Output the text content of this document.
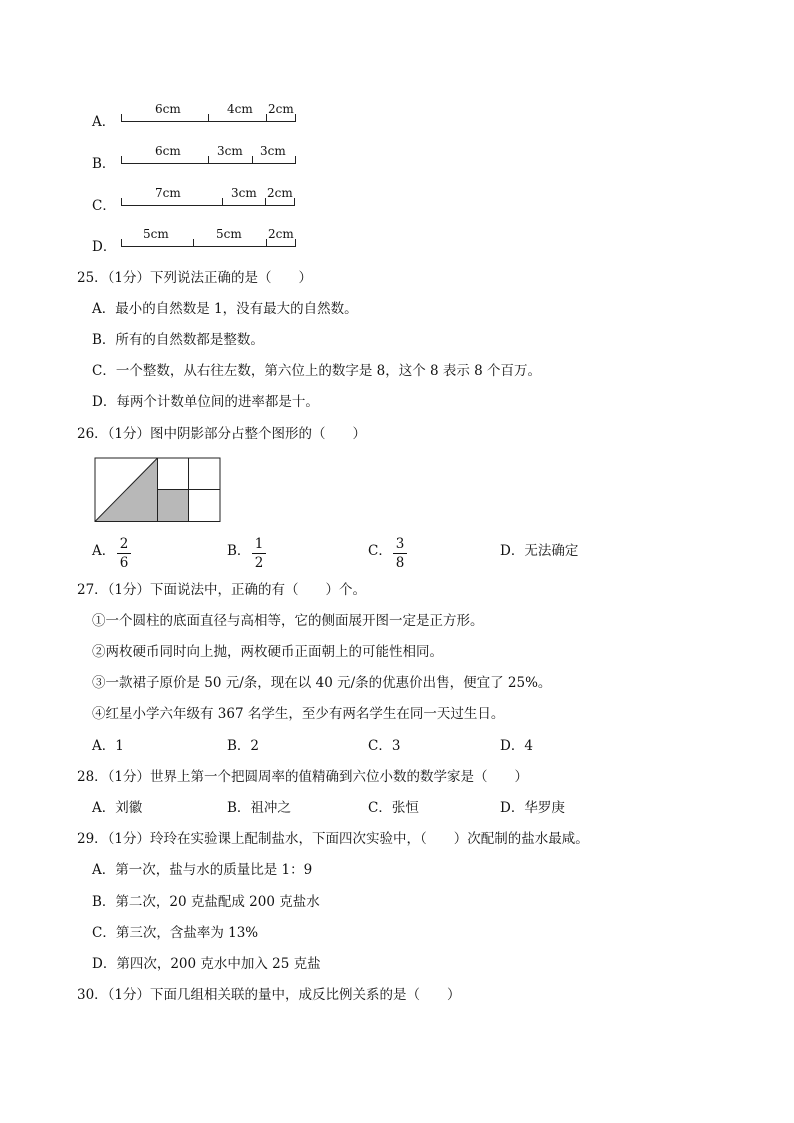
A．
6cm	4cm 2cm
B．
6cm	3cm 3cm
C．
7cm	3cm 2cm
D．
5cm	5cm 2cm
25．（1分）下列说法正确的是（　　）
A．最小的自然数是 1，没有最大的自然数。
B．所有的自然数都是整数。
C．一个整数，从右往左数，第六位上的数字是 8，这个 8 表示 8 个百万。
D．每两个计数单位间的进率都是十。
26．（1分）图中阴影部分占整个图形的（　　）
A． 2
6
B． 1
2
C． 3
8
D．无法确定
27．（1分）下面说法中，正确的有（　　）个。
①一个圆柱的底面直径与高相等，它的侧面展开图一定是正方形。
②两枚硬币同时向上抛，两枚硬币正面朝上的可能性相同。
③一款裙子原价是 50 元/条，现在以 40 元/条的优惠价出售，便宜了 25%。
④红星小学六年级有 367 名学生，至少有两名学生在同一天过生日。
A．1	B．2	C．3	D．4
28．（1分）世界上第一个把圆周率的值精确到六位小数的数学家是（　　）
A．刘徽	B．祖冲之	C．张恒	D．华罗庚
29．（1分）玲玲在实验课上配制盐水，下面四次实验中，（　　）次配制的盐水最咸。
A．第一次，盐与水的质量比是 1：9
B．第二次，20 克盐配成 200 克盐水
C．第三次，含盐率为 13%
D．第四次，200 克水中加入 25 克盐
30．（1分）下面几组相关联的量中，成反比例关系的是（　　）
